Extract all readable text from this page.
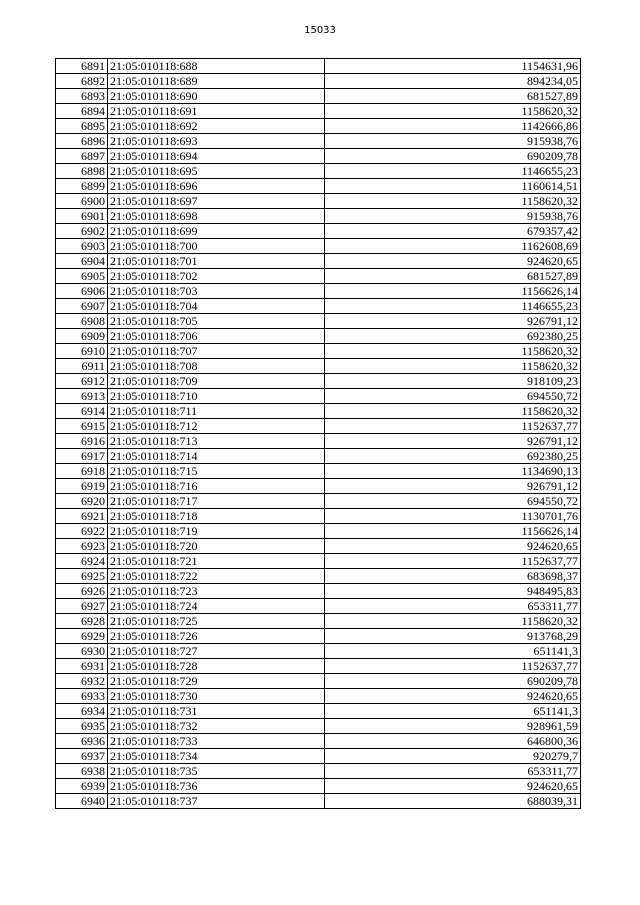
15033
6891	21:05:010118:688	1154631,96
6892	21:05:010118:689	894234,05
6893	21:05:010118:690	681527,89
6894	21:05:010118:691	1158620,32
6895	21:05:010118:692	1142666,86
6896	21:05:010118:693	915938,76
6897	21:05:010118:694	690209,78
6898	21:05:010118:695	1146655,23
6899	21:05:010118:696	1160614,51
6900	21:05:010118:697	1158620,32
6901	21:05:010118:698	915938,76
6902	21:05:010118:699	679357,42
6903	21:05:010118:700	1162608,69
6904	21:05:010118:701	924620,65
6905	21:05:010118:702	681527,89
6906	21:05:010118:703	1156626,14
6907	21:05:010118:704	1146655,23
6908	21:05:010118:705	926791,12
6909	21:05:010118:706	692380,25
6910	21:05:010118:707	1158620,32
6911	21:05:010118:708	1158620,32
6912	21:05:010118:709	918109,23
6913	21:05:010118:710	694550,72
6914	21:05:010118:711	1158620,32
6915	21:05:010118:712	1152637,77
6916	21:05:010118:713	926791,12
6917	21:05:010118:714	692380,25
6918	21:05:010118:715	1134690,13
6919	21:05:010118:716	926791,12
6920	21:05:010118:717	694550,72
6921	21:05:010118:718	1130701,76
6922	21:05:010118:719	1156626,14
6923	21:05:010118:720	924620,65
6924	21:05:010118:721	1152637,77
6925	21:05:010118:722	683698,37
6926	21:05:010118:723	948495,83
6927	21:05:010118:724	653311,77
6928	21:05:010118:725	1158620,32
6929	21:05:010118:726	913768,29
6930	21:05:010118:727	651141,3
6931	21:05:010118:728	1152637,77
6932	21:05:010118:729	690209,78
6933	21:05:010118:730	924620,65
6934	21:05:010118:731	651141,3
6935	21:05:010118:732	928961,59
6936	21:05:010118:733	646800,36
6937	21:05:010118:734	920279,7
6938	21:05:010118:735	653311,77
6939	21:05:010118:736	924620,65
6940	21:05:010118:737	688039,31
